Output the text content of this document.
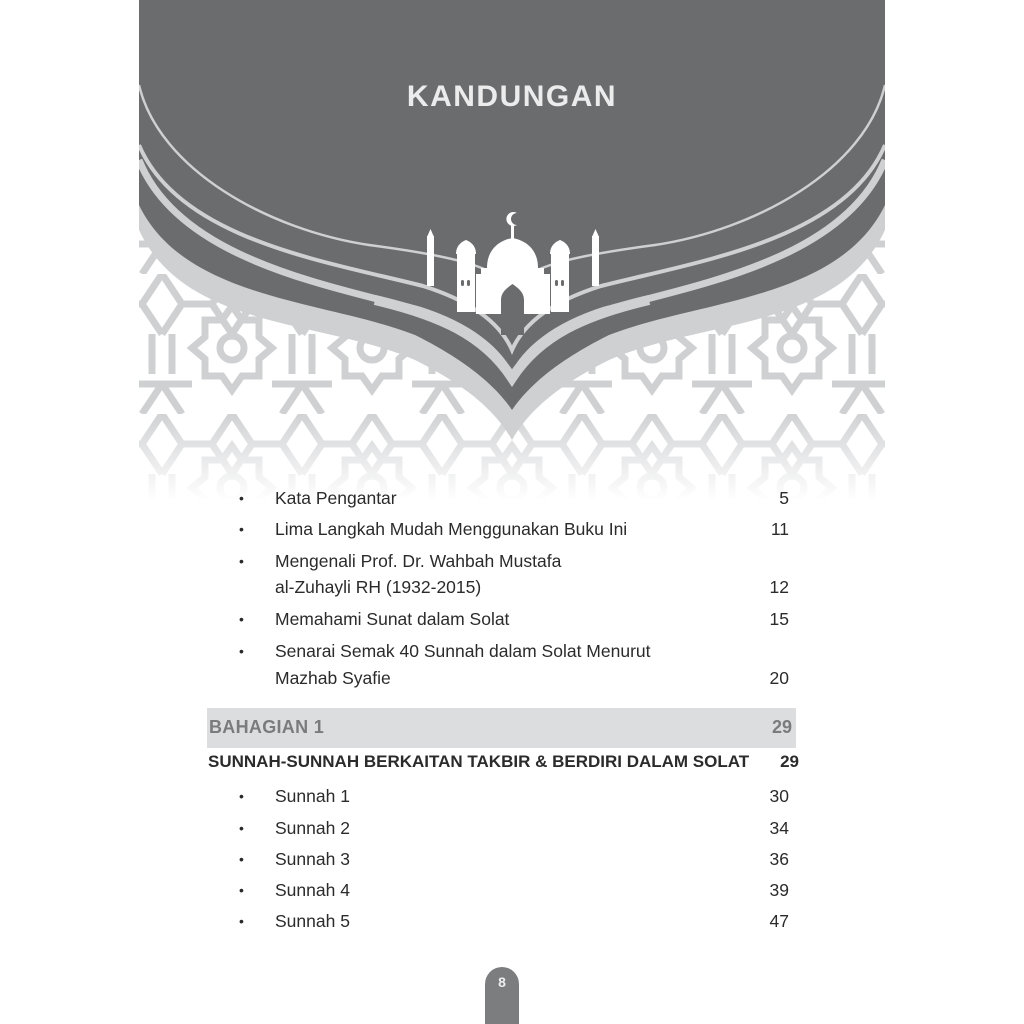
KANDUNGAN
• Kata Pengantar	5
• Lima Langkah Mudah Menggunakan Buku Ini	11
• Mengenali Prof. Dr. Wahbah Mustafa
al-Zuhayli RH (1932-2015)	12
• Memahami Sunat dalam Solat	15
• Senarai Semak 40 Sunnah dalam Solat Menurut
Mazhab Syafie	20
BAHAGIAN 1	29
SUNNAH-SUNNAH BERKAITAN TAKBIR & BERDIRI DALAM SOLAT 29
• Sunnah 1	30
• Sunnah 2	34
• Sunnah 3	36
• Sunnah 4	39
• Sunnah 5	47
8
